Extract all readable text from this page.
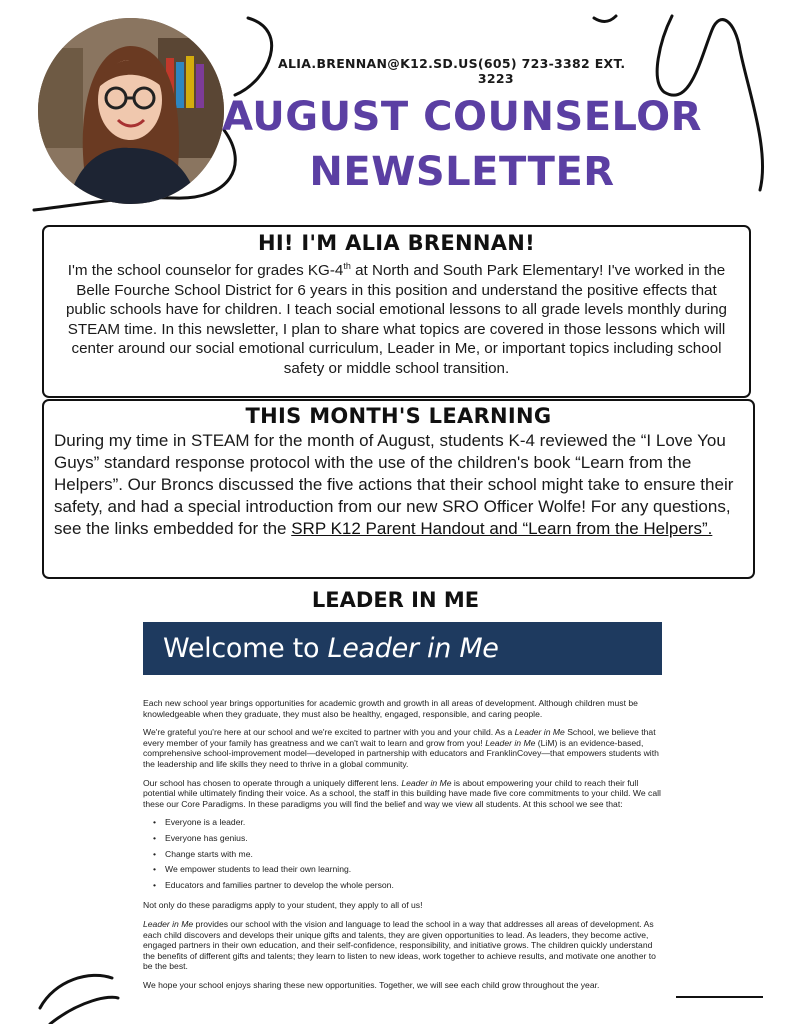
ALIA.BRENNAN@K12.SD.US (605) 723-3382 EXT. 3223
AUGUST COUNSELOR
NEWSLETTER
HI! I'M ALIA BRENNAN!

I'm the school counselor for grades KG-4th at North and South Park Elementary! I've worked in the Belle Fourche School District for 6 years in this position and understand the positive effects that public schools have for children. I teach social emotional lessons to all grade levels monthly during STEAM time. In this newsletter, I plan to share what topics are covered in those lessons which will center around our social emotional curriculum, Leader in Me, or important topics including school safety or middle school transition.

THIS MONTH'S LEARNING

During my time in STEAM for the month of August, students K-4 reviewed the “I Love You Guys” standard response protocol with the use of the children's book “Learn from the Helpers”. Our Broncs discussed the five actions that their school might take to ensure their safety, and had a special introduction from our new SRO Officer Wolfe! For any questions, see the links embedded for the SRP K12 Parent Handout and “Learn from the Helpers”.

LEADER IN ME
Welcome to Leader in Me

Each new school year brings opportunities for academic growth and growth in all areas of development. Although children must be knowledgeable when they graduate, they must also be healthy, engaged, responsible, and caring people.

We're grateful you're here at our school and we're excited to partner with you and your child. As a Leader in Me School, we believe that every member of your family has greatness and we can't wait to learn and grow from you! Leader in Me (LiM) is an evidence-based, comprehensive school-improvement model—developed in partnership with educators and FranklinCovey—that empowers students with the leadership and life skills they need to thrive in a global community.

Our school has chosen to operate through a uniquely different lens. Leader in Me is about empowering your child to reach their full potential while ultimately finding their voice. As a school, the staff in this building have made five core commitments to your child. We call these our Core Paradigms. In these paradigms you will find the belief and way we view all students. At this school we see that:

• Everyone is a leader.
• Everyone has genius.
• Change starts with me.
• We empower students to lead their own learning.
• Educators and families partner to develop the whole person.

Not only do these paradigms apply to your student, they apply to all of us!

Leader in Me provides our school with the vision and language to lead the school in a way that addresses all areas of development. As each child discovers and develops their unique gifts and talents, they are given opportunities to lead. As leaders, they become active, engaged partners in their own education, and their self-confidence, responsibility, and initiative grows. The children quickly understand the benefits of different gifts and talents; they learn to listen to new ideas, work together to achieve results, and motivate one another to be the best.

We hope your school enjoys sharing these new opportunities. Together, we will see each child grow throughout the year.
